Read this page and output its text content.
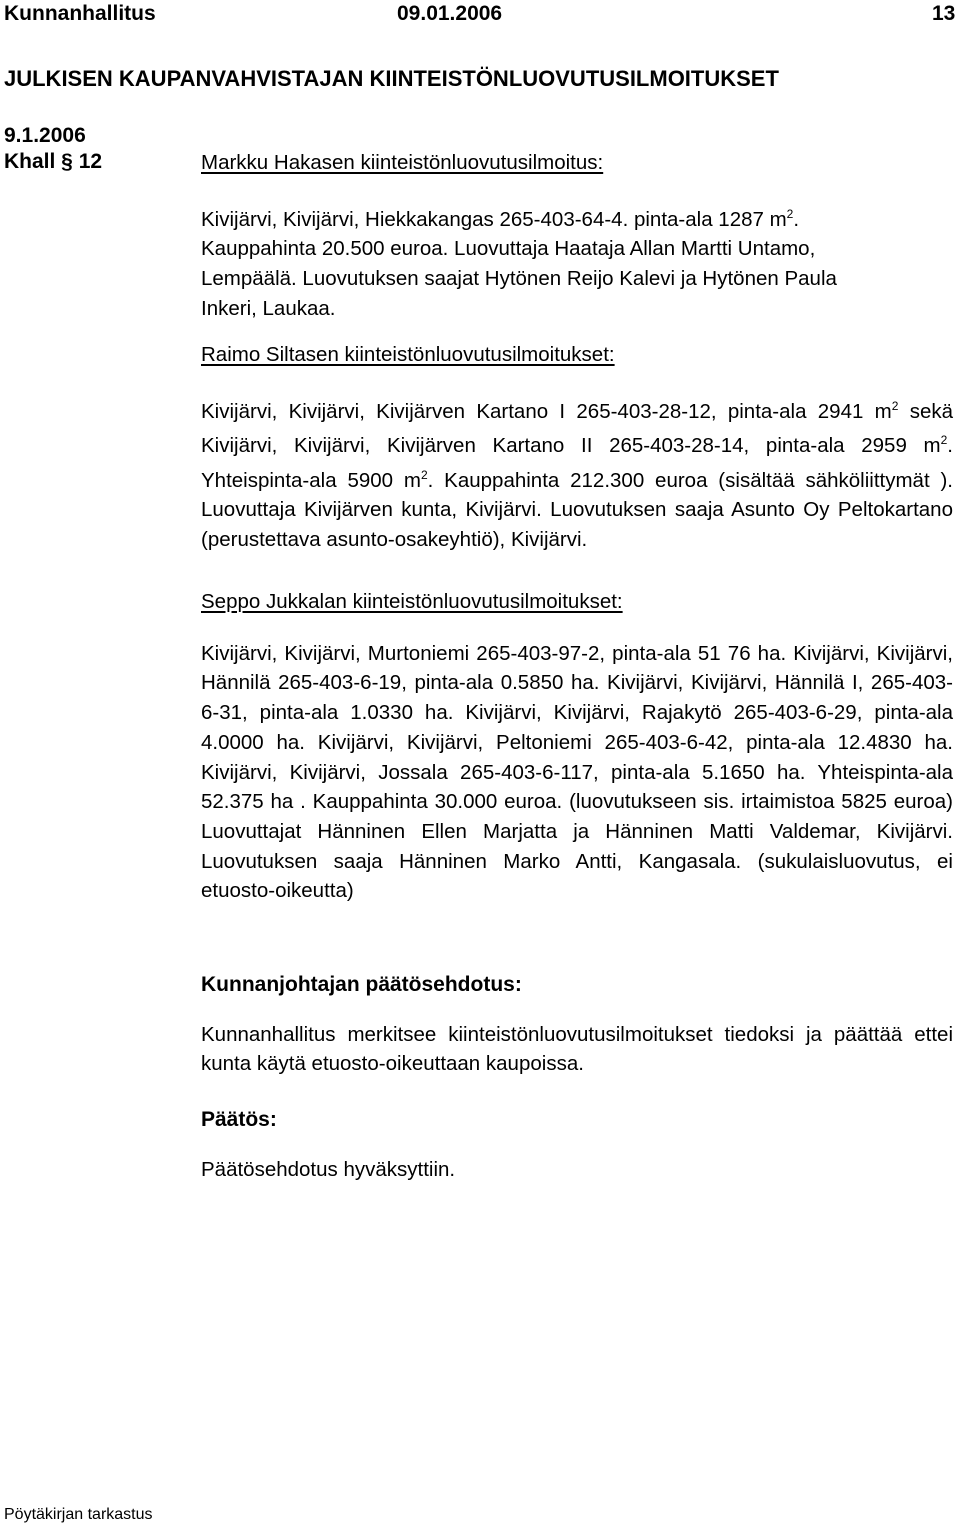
Kunnanhallitus	09.01.2006	13
JULKISEN KAUPANVAHVISTAJAN KIINTEISTÖNLUOVUTUSILMOITUKSET
9.1.2006
Khall § 12	Markku Hakasen kiinteistönluovutusilmoitus:

Kivijärvi, Kivijärvi, Hiekkakangas 265-403-64-4. pinta-ala 1287 $m^2$.
Kauppahinta 20.500 euroa. Luovuttaja Haataja Allan Martti Untamo,
Lempäälä. Luovutuksen saajat Hytönen Reijo Kalevi ja Hytönen Paula
Inkeri, Laukaa.

Raimo Siltasen kiinteistönluovutusilmoitukset:

Kivijärvi, Kivijärvi, Kivijärven Kartano I 265-403-28-12, pinta-ala 2941 $m^2$ sekä Kivijärvi, Kivijärvi, Kivijärven Kartano II 265-403-28-14, pinta-ala 2959 $m^2$. Yhteispinta-ala 5900 $m^2$. Kauppahinta 212.300 euroa (sisältää sähköliittymät ). Luovuttaja Kivijärven kunta, Kivijärvi. Luovutuksen saaja Asunto Oy Peltokartano (perustettava asunto-osakeyhtiö), Kivijärvi.

Seppo Jukkalan kiinteistönluovutusilmoitukset:

Kivijärvi, Kivijärvi, Murtoniemi 265-403-97-2, pinta-ala 51 76 ha. Kivijärvi, Kivijärvi, Hännilä 265-403-6-19, pinta-ala 0.5850 ha. Kivijärvi, Kivijärvi, Hännilä I, 265-403-6-31, pinta-ala 1.0330 ha. Kivijärvi, Kivijärvi, Rajakytö 265-403-6-29, pinta-ala 4.0000 ha. Kivijärvi, Kivijärvi, Peltoniemi 265-403-6-42, pinta-ala 12.4830 ha. Kivijärvi, Kivijärvi, Jossala 265-403-6-117, pinta-ala 5.1650 ha. Yhteispinta-ala 52.375 ha . Kauppahinta 30.000 euroa. (luovutukseen sis. irtaimistoa 5825 euroa) Luovuttajat Hänninen Ellen Marjatta ja Hänninen Matti Valdemar, Kivijärvi. Luovutuksen saaja Hänninen Marko Antti, Kangasala. (sukulaisluovutus, ei etuosto-oikeutta)

Kunnanjohtajan päätösehdotus:

Kunnanhallitus merkitsee kiinteistönluovutusilmoitukset tiedoksi ja päättää ettei kunta käytä etuosto-oikeuttaan kaupoissa.

Päätös:

Päätösehdotus hyväksyttiin.

Pöytäkirjan tarkastus
